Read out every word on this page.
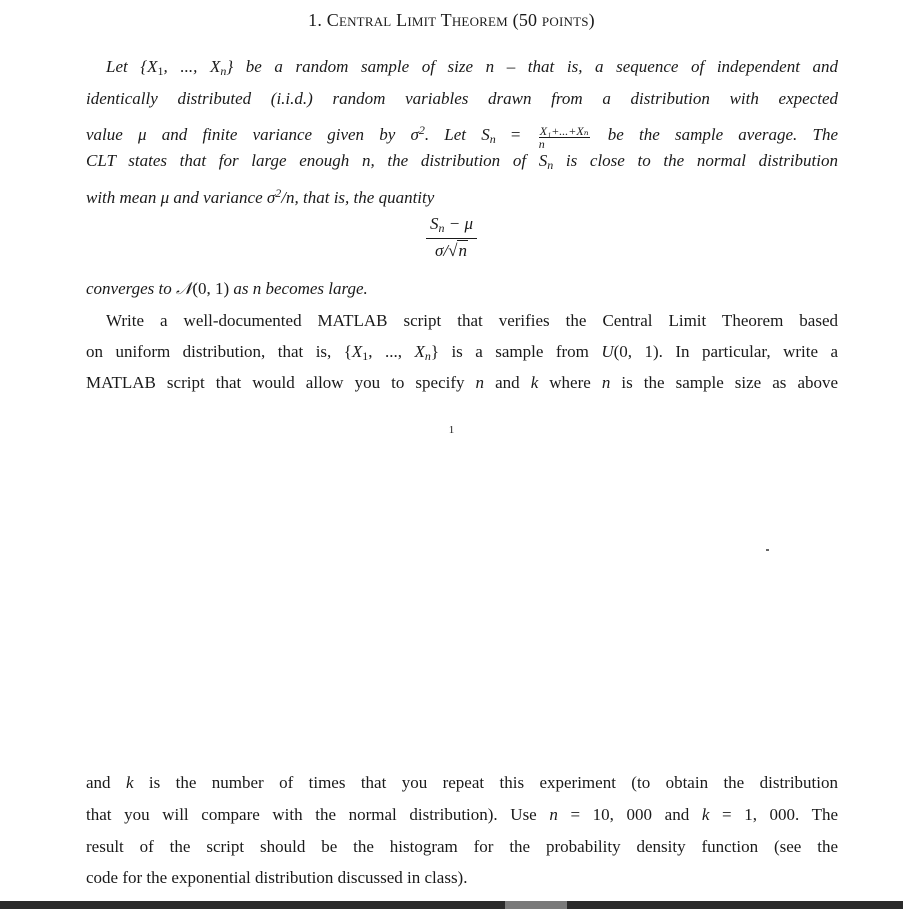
1. Central Limit Theorem (50 points)
Let {$X_1$, ..., $X_n$} be a random sample of size n – that is, a sequence of independent and
identically distributed (i.i.d.) random variables drawn from a distribution with expected
value μ and finite variance given by $\sigma^2$. Let $S_n = \frac{\text{X₁+...+Xₙ}}{n}$ be the sample average. The
CLT states that for large enough n, the distribution of $S_n$ is close to the normal distribution
with mean μ and variance $\sigma^2/n$, that is, the quantity
$\frac{S_n - \mu}{\sigma/√n}$
converges to 𝒩(0, 1) as n becomes large.
Write a well-documented MATLAB script that verifies the Central Limit Theorem based
on uniform distribution, that is, {$X_1$, ..., $X_n$} is a sample from U(0, 1). In particular, write a
MATLAB script that would allow you to specify n and k where n is the sample size as above
1
and k is the number of times that you repeat this experiment (to obtain the distribution
that you will compare with the normal distribution). Use n = 10, 000 and k = 1, 000. The
result of the script should be the histogram for the probability density function (see the
code for the exponential distribution discussed in class).
